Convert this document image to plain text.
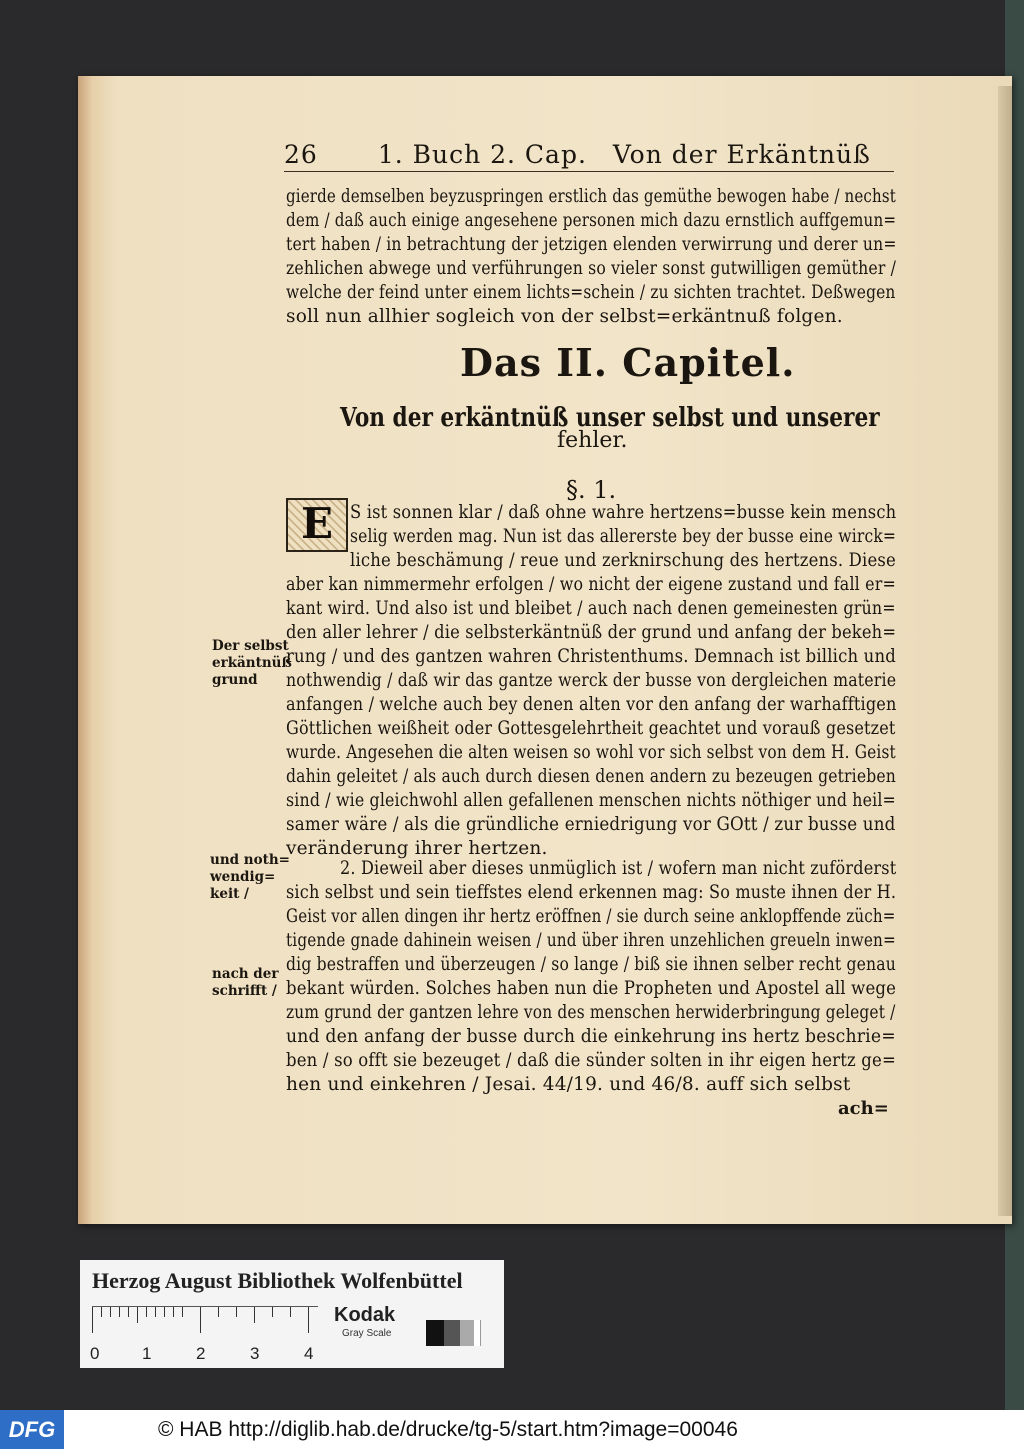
26 1. Buch 2. Cap. Von der Erkäntnüß
gierde demselben beyzuspringen erstlich das gemüthe bewogen habe / nechst
dem / daß auch einige angesehene personen mich dazu ernstlich auffgemun=
tert haben / in betrachtung der jetzigen elenden verwirrung und derer un=
zehlichen abwege und verführungen so vieler sonst gutwilligen gemüther /
welche der feind unter einem lichts=schein / zu sichten trachtet. Deßwegen
soll nun allhier sogleich von der selbst=erkäntnuß folgen.
Das II. Capitel.
Von der erkäntnüß unser selbst und unserer
fehler.
§. 1.
E S ist sonnen klar / daß ohne wahre hertzens=busse kein mensch
selig werden mag. Nun ist das allererste bey der busse eine wirck=
liche beschämung / reue und zerknirschung des hertzens. Diese
aber kan nimmermehr erfolgen / wo nicht der eigene zustand und fall er=
kant wird. Und also ist und bleibet / auch nach denen gemeinesten grün=
den aller lehrer / die selbsterkäntnüß der grund und anfang der bekeh=
rung / und des gantzen wahren Christenthums. Demnach ist billich und
nothwendig / daß wir das gantze werck der busse von dergleichen materie
anfangen / welche auch bey denen alten vor den anfang der warhafftigen
Göttlichen weißheit oder Gottesgelehrtheit geachtet und vorauß gesetzet
wurde. Angesehen die alten weisen so wohl vor sich selbst von dem H. Geist
dahin geleitet / als auch durch diesen denen andern zu bezeugen getrieben
sind / wie gleichwohl allen gefallenen menschen nichts nöthiger und heil=
samer wäre / als die gründliche erniedrigung vor GOtt / zur busse und
veränderung ihrer hertzen.
2. Dieweil aber dieses unmüglich ist / wofern man nicht zuförderst
sich selbst und sein tieffstes elend erkennen mag: So muste ihnen der H.
Geist vor allen dingen ihr hertz eröffnen / sie durch seine anklopffende züch=
tigende gnade dahinein weisen / und über ihren unzehlichen greueln inwen=
dig bestraffen und überzeugen / so lange / biß sie ihnen selber recht genau
bekant würden. Solches haben nun die Propheten und Apostel all wege
zum grund der gantzen lehre von des menschen herwiderbringung geleget /
und den anfang der busse durch die einkehrung ins hertz beschrie=
ben / so offt sie bezeuget / daß die sünder solten in ihr eigen hertz ge=
hen und einkehren / Jesai. 44/19. und 46/8. auff sich selbst
ach=
Der selbst
erkäntnüß
grund
und noth=
wendig=
keit /
nach der
schrifft /
Herzog August Bibliothek Wolfenbüttel
0	1	2	3	4
Kodak
Gray Scale
DFG	© HAB http://diglib.hab.de/drucke/tg-5/start.htm?image=00046
